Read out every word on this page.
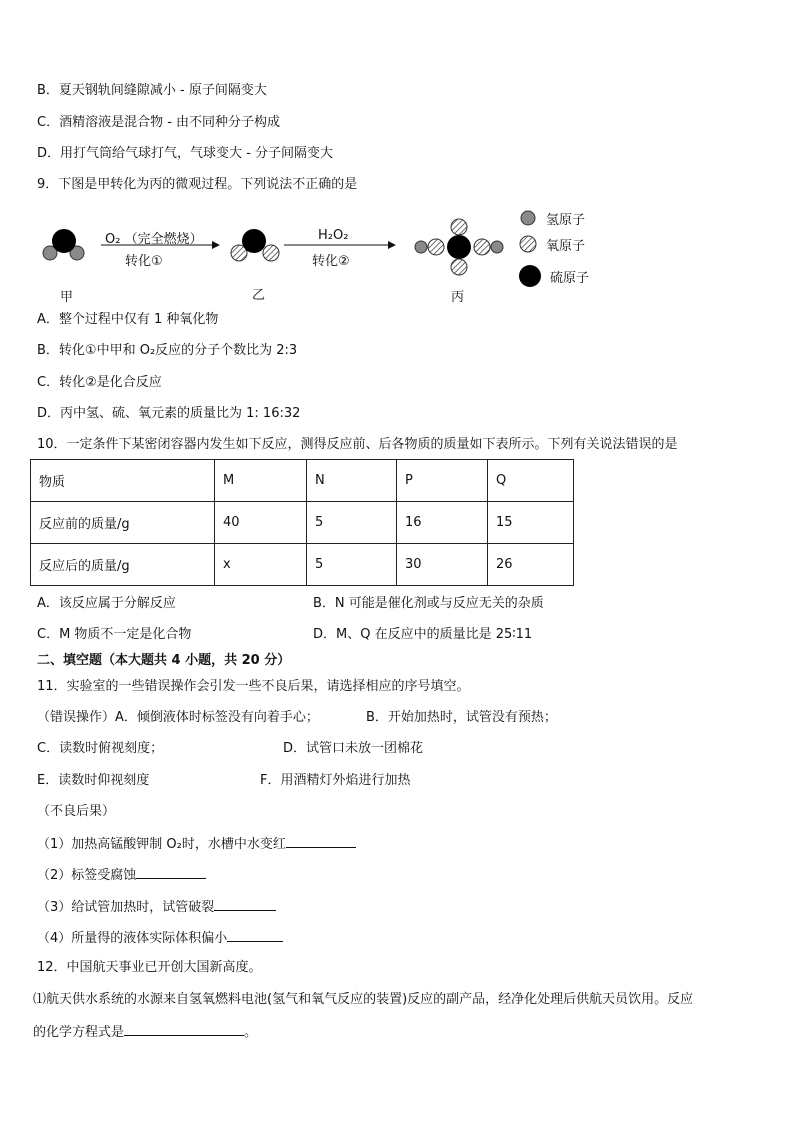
B．夏天钢轨间缝隙减小 - 原子间隔变大
C．酒精溶液是混合物 - 由不同种分子构成
D．用打气筒给气球打气，气球变大 - 分子间隔变大
9．下图是甲转化为丙的微观过程。下列说法不正确的是
O₂ （完全燃烧）
转化①
H₂O₂
转化②
甲	乙	丙
氢原子
氧原子
硫原子
A．整个过程中仅有 1 种氧化物
B．转化①中甲和 O₂反应的分子个数比为 2:3
C．转化②是化合反应
D．丙中氢、硫、氧元素的质量比为 1: 16:32
10．一定条件下某密闭容器内发生如下反应，测得反应前、后各物质的质量如下表所示。下列有关说法错误的是
物质	M	N	P	Q
反应前的质量/g	40	5	16	15
反应后的质量/g	x	5	30	26
A．该反应属于分解反应	B．N 可能是催化剂或与反应无关的杂质
C．M 物质不一定是化合物	D．M、Q 在反应中的质量比是 25∶11
二、填空题（本大题共 4 小题，共 20 分）
11．实验室的一些错误操作会引发一些不良后果，请选择相应的序号填空。
（错误操作）A．倾倒液体时标签没有向着手心；	B．开始加热时，试管没有预热；
C．读数时俯视刻度；	D．试管口未放一团棉花
E．读数时仰视刻度	F．用酒精灯外焰进行加热
（不良后果）
（1）加热高锰酸钾制 O₂时，水槽中水变红
（2）标签受腐蚀
（3）给试管加热时，试管破裂
（4）所量得的液体实际体积偏小
12．中国航天事业已开创大国新高度。
⑴航天供水系统的水源来自氢氧燃料电池(氢气和氧气反应的装置)反应的副产品，经净化处理后供航天员饮用。反应
的化学方程式是	。
